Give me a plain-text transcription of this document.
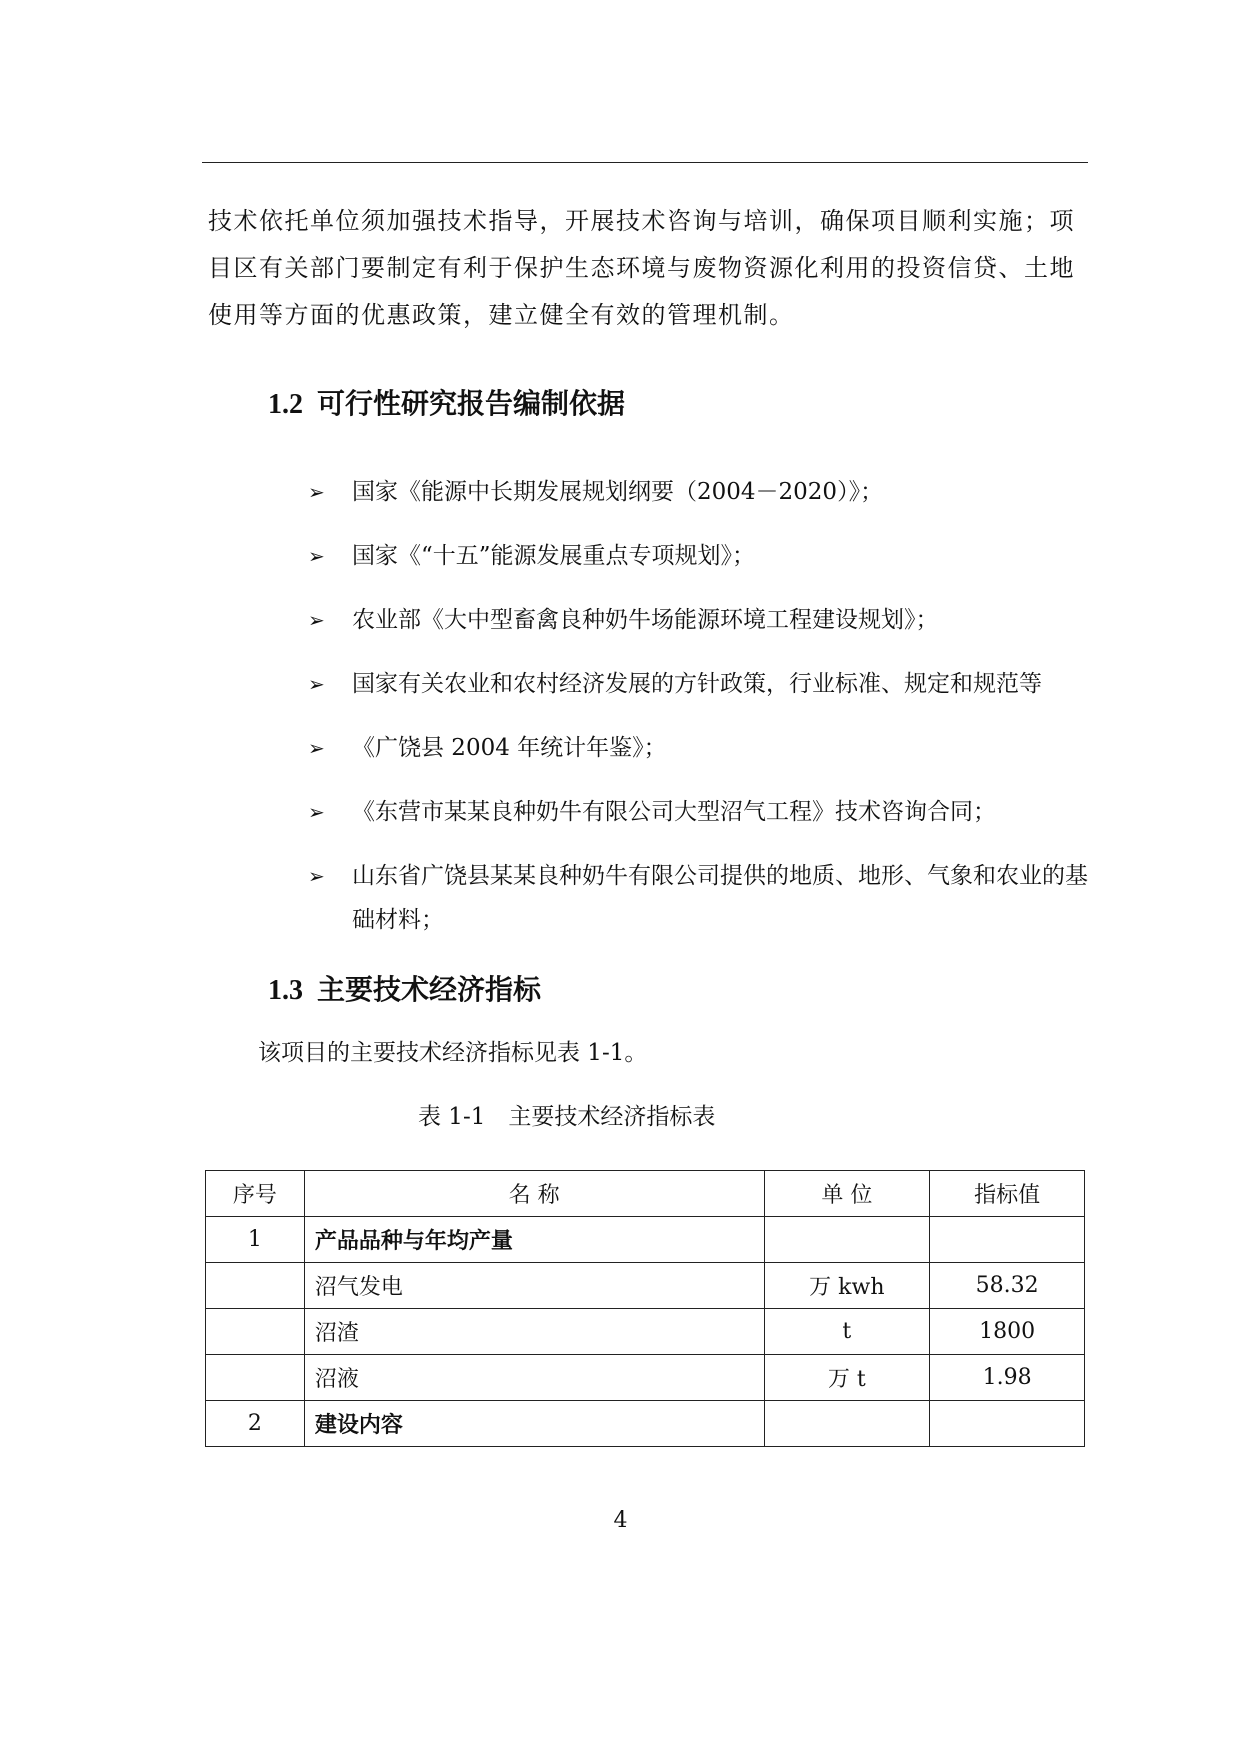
技术依托单位须加强技术指导，开展技术咨询与培训，确保项目顺利实施；项目区有关部门要制定有利于保护生态环境与废物资源化利用的投资信贷、土地使用等方面的优惠政策，建立健全有效的管理机制。

1.2 可行性研究报告编制依据
➢ 国家《能源中长期发展规划纲要（2004－2020）》；
➢ 国家《“十五”能源发展重点专项规划》；
➢ 农业部《大中型畜禽良种奶牛场能源环境工程建设规划》；
➢ 国家有关农业和农村经济发展的方针政策，行业标准、规定和规范等
➢ 《广饶县 2004 年统计年鉴》；
➢ 《东营市某某良种奶牛有限公司大型沼气工程》技术咨询合同；
➢ 山东省广饶县某某良种奶牛有限公司提供的地质、地形、气象和农业的基础材料；
1.3 主要技术经济指标

该项目的主要技术经济指标见表 1-1。

表 1-1　主要技术经济指标表
序号	名 称	单 位	指标值
1	产品品种与年均产量		
	沼气发电	万 kwh	58.32
	沼渣	t	1800
	沼液	万 t	1.98
2	建设内容		

4
